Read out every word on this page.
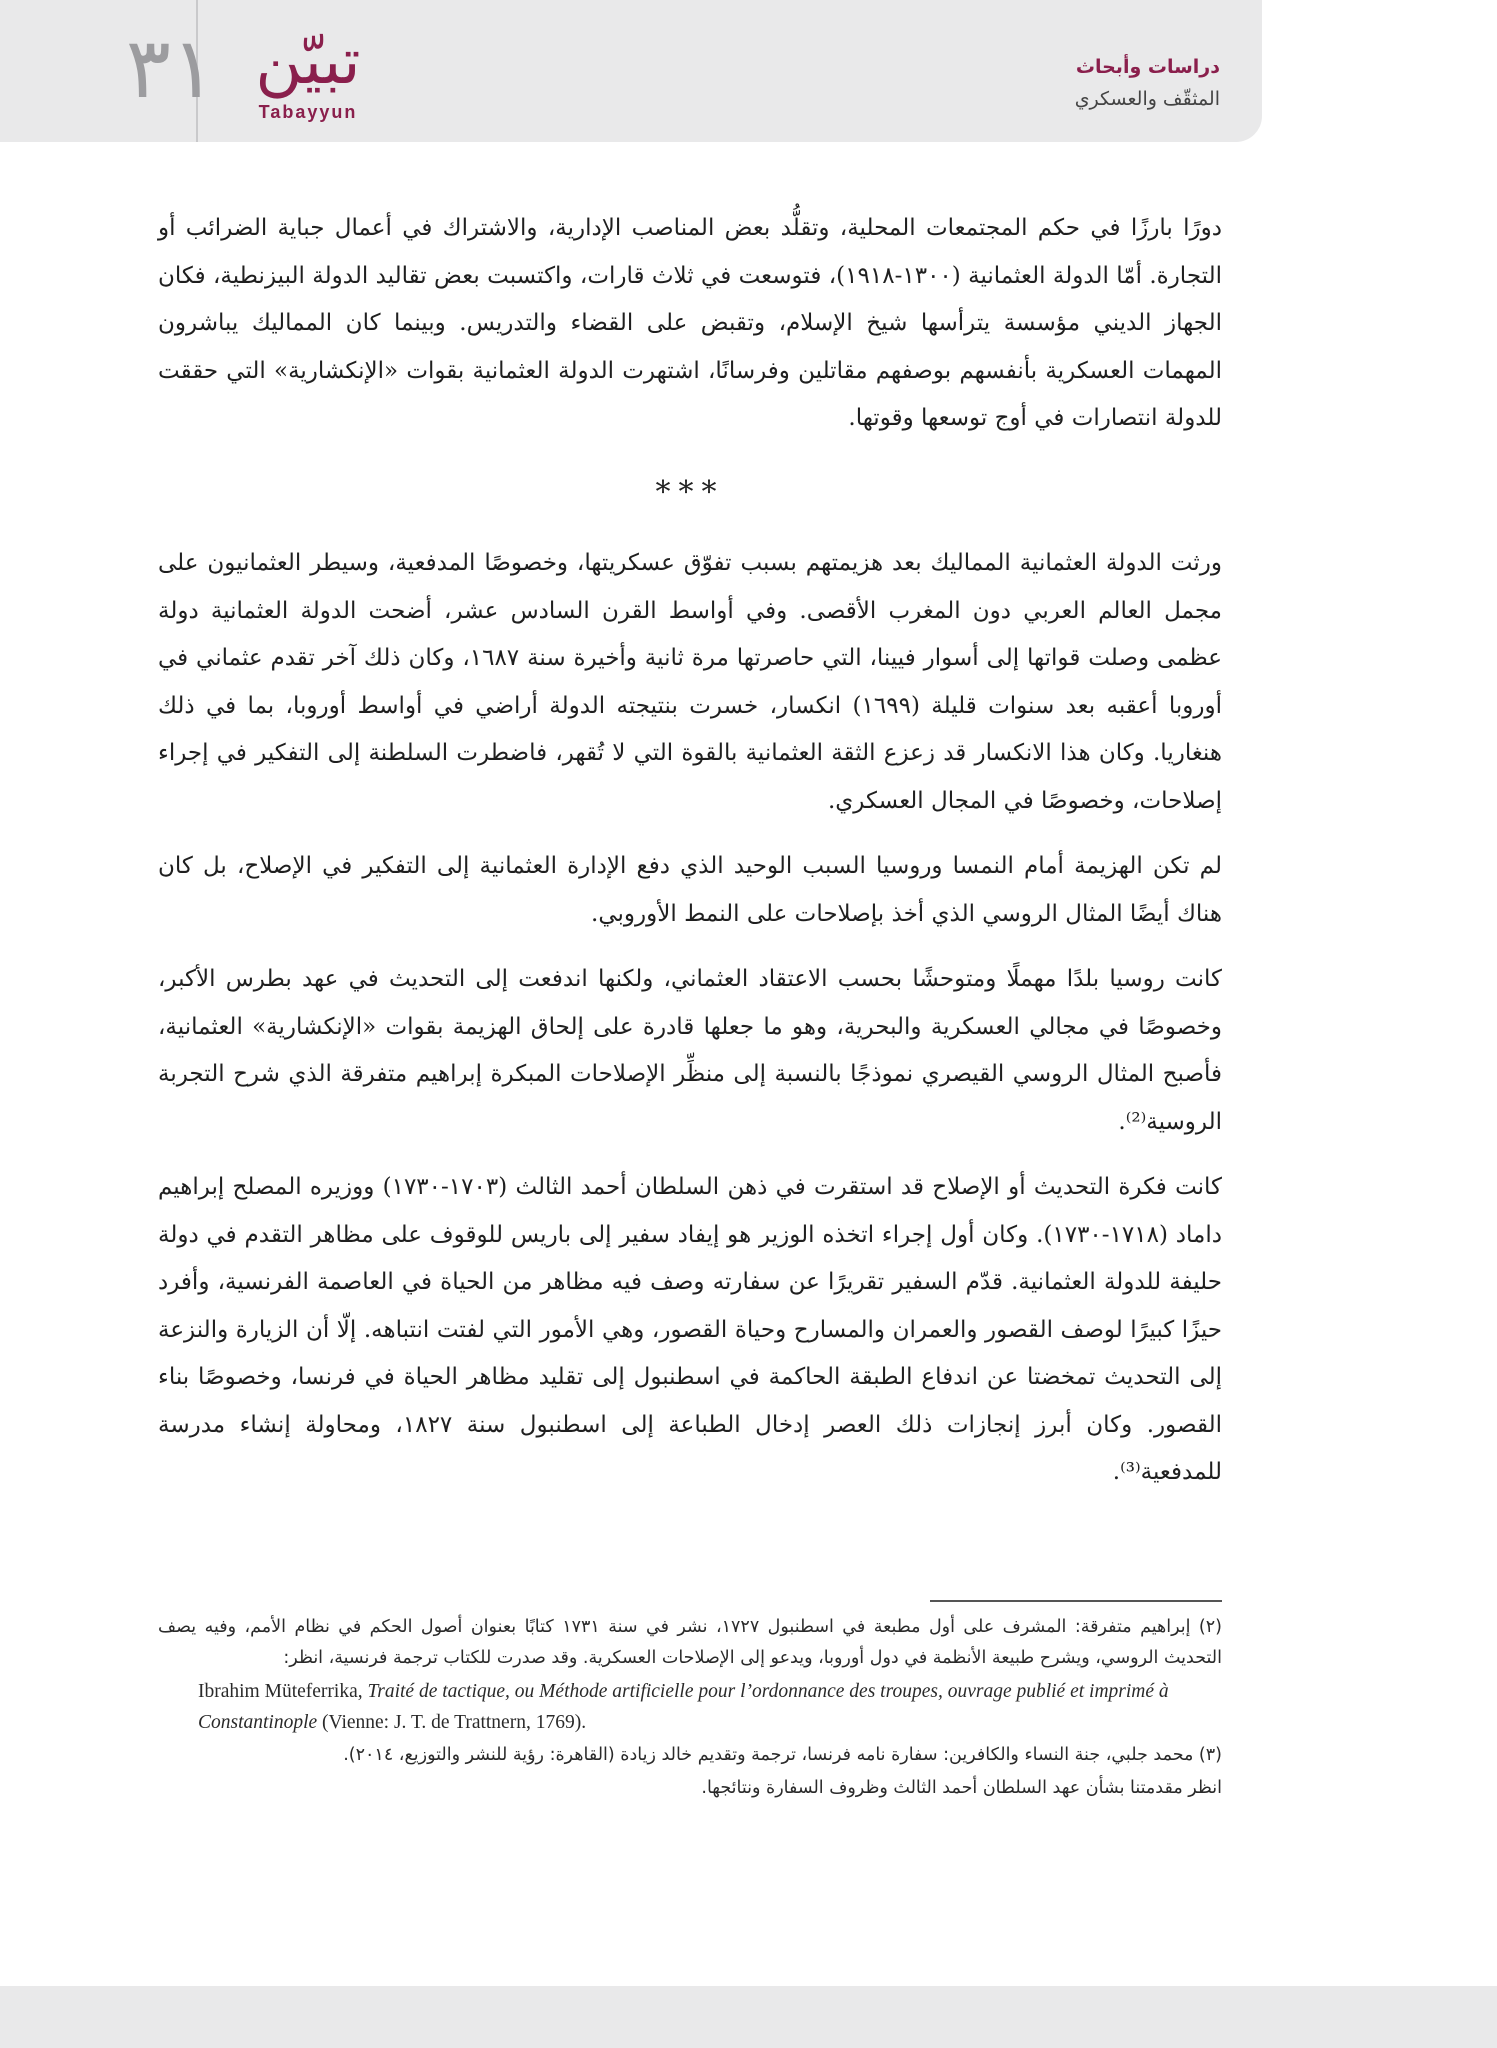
٣١ تبيّن
Tabayyun
دراسات وأبحاث
المثقّف والعسكري

دورًا بارزًا في حكم المجتمعات المحلية، وتقلُّد بعض المناصب الإدارية، والاشتراك في أعمال جباية الضرائب أو التجارة. أمّا الدولة العثمانية (١٣٠٠-١٩١٨)، فتوسعت في ثلاث قارات، واكتسبت بعض تقاليد الدولة البيزنطية، فكان الجهاز الديني مؤسسة يترأسها شيخ الإسلام، وتقبض على القضاء والتدريس. وبينما كان المماليك يباشرون المهمات العسكرية بأنفسهم بوصفهم مقاتلين وفرسانًا، اشتهرت الدولة العثمانية بقوات «الإنكشارية» التي حققت للدولة انتصارات في أوج توسعها وقوتها.

***

ورثت الدولة العثمانية المماليك بعد هزيمتهم بسبب تفوّق عسكريتها، وخصوصًا المدفعية، وسيطر العثمانيون على مجمل العالم العربي دون المغرب الأقصى. وفي أواسط القرن السادس عشر، أضحت الدولة العثمانية دولة عظمى وصلت قواتها إلى أسوار فيينا، التي حاصرتها مرة ثانية وأخيرة سنة ١٦٨٧، وكان ذلك آخر تقدم عثماني في أوروبا أعقبه بعد سنوات قليلة (١٦٩٩) انكسار، خسرت بنتيجته الدولة أراضي في أواسط أوروبا، بما في ذلك هنغاريا. وكان هذا الانكسار قد زعزع الثقة العثمانية بالقوة التي لا تُقهر، فاضطرت السلطنة إلى التفكير في إجراء إصلاحات، وخصوصًا في المجال العسكري.

لم تكن الهزيمة أمام النمسا وروسيا السبب الوحيد الذي دفع الإدارة العثمانية إلى التفكير في الإصلاح، بل كان هناك أيضًا المثال الروسي الذي أخذ بإصلاحات على النمط الأوروبي.

كانت روسيا بلدًا مهملًا ومتوحشًا بحسب الاعتقاد العثماني، ولكنها اندفعت إلى التحديث في عهد بطرس الأكبر، وخصوصًا في مجالي العسكرية والبحرية، وهو ما جعلها قادرة على إلحاق الهزيمة بقوات «الإنكشارية» العثمانية، فأصبح المثال الروسي القيصري نموذجًا بالنسبة إلى منظِّر الإصلاحات المبكرة إبراهيم متفرقة الذي شرح التجربة الروسية⁽²⁾.

كانت فكرة التحديث أو الإصلاح قد استقرت في ذهن السلطان أحمد الثالث (١٧٠٣-١٧٣٠) ووزيره المصلح إبراهيم داماد (١٧١٨-١٧٣٠). وكان أول إجراء اتخذه الوزير هو إيفاد سفير إلى باريس للوقوف على مظاهر التقدم في دولة حليفة للدولة العثمانية. قدّم السفير تقريرًا عن سفارته وصف فيه مظاهر من الحياة في العاصمة الفرنسية، وأفرد حيزًا كبيرًا لوصف القصور والعمران والمسارح وحياة القصور، وهي الأمور التي لفتت انتباهه. إلّا أن الزيارة والنزعة إلى التحديث تمخضتا عن اندفاع الطبقة الحاكمة في اسطنبول إلى تقليد مظاهر الحياة في فرنسا، وخصوصًا بناء القصور. وكان أبرز إنجازات ذلك العصر إدخال الطباعة إلى اسطنبول سنة ١٨٢٧، ومحاولة إنشاء مدرسة للمدفعية⁽³⁾.

(٢) إبراهيم متفرقة: المشرف على أول مطبعة في اسطنبول ١٧٢٧، نشر في سنة ١٧٣١ كتابًا بعنوان أصول الحكم في نظام الأمم، وفيه يصف التحديث الروسي، ويشرح طبيعة الأنظمة في دول أوروبا، ويدعو إلى الإصلاحات العسكرية. وقد صدرت للكتاب ترجمة فرنسية، انظر:

Ibrahim Müteferrika, Traité de tactique, ou Méthode artificielle pour l’ordonnance des troupes, ouvrage publié et imprimé à Constantinople (Vienne: J. T. de Trattnern, 1769).

(٣) محمد جلبي، جنة النساء والكافرين: سفارة نامه فرنسا، ترجمة وتقديم خالد زيادة (القاهرة: رؤية للنشر والتوزيع، ٢٠١٤).

انظر مقدمتنا بشأن عهد السلطان أحمد الثالث وظروف السفارة ونتائجها.
